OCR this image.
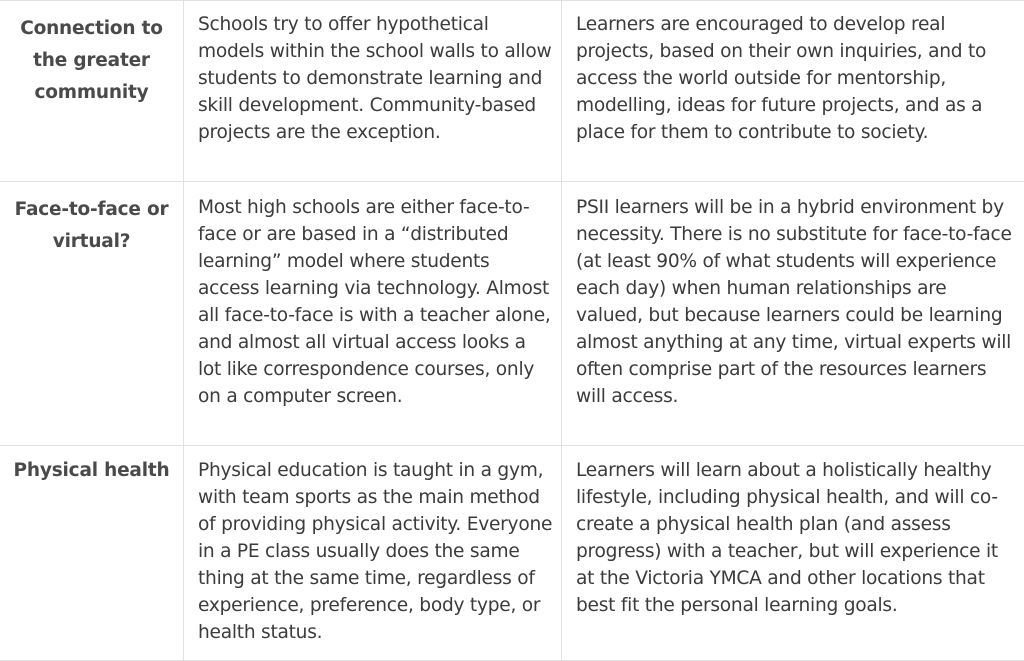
Connection to the greater community
Schools try to offer hypothetical models within the school walls to allow students to demonstrate learning and skill development. Community-based projects are the exception.
Learners are encouraged to develop real projects, based on their own inquiries, and to access the world outside for mentorship, modelling, ideas for future projects, and as a place for them to contribute to society.
Face-to-face or virtual?
Most high schools are either face-to-face or are based in a “distributed learning” model where students access learning via technology. Almost all face-to-face is with a teacher alone, and almost all virtual access looks a lot like correspondence courses, only on a computer screen.
PSII learners will be in a hybrid environment by necessity. There is no substitute for face-to-face (at least 90% of what students will experience each day) when human relationships are valued, but because learners could be learning almost anything at any time, virtual experts will often comprise part of the resources learners will access.
Physical health	Physical education is taught in a gym, with team sports as the main method of providing physical activity. Everyone in a PE class usually does the same thing at the same time, regardless of experience, preference, body type, or health status.
Learners will learn about a holistically healthy lifestyle, including physical health, and will co-create a physical health plan (and assess progress) with a teacher, but will experience it at the Victoria YMCA and other locations that best fit the personal learning goals.
